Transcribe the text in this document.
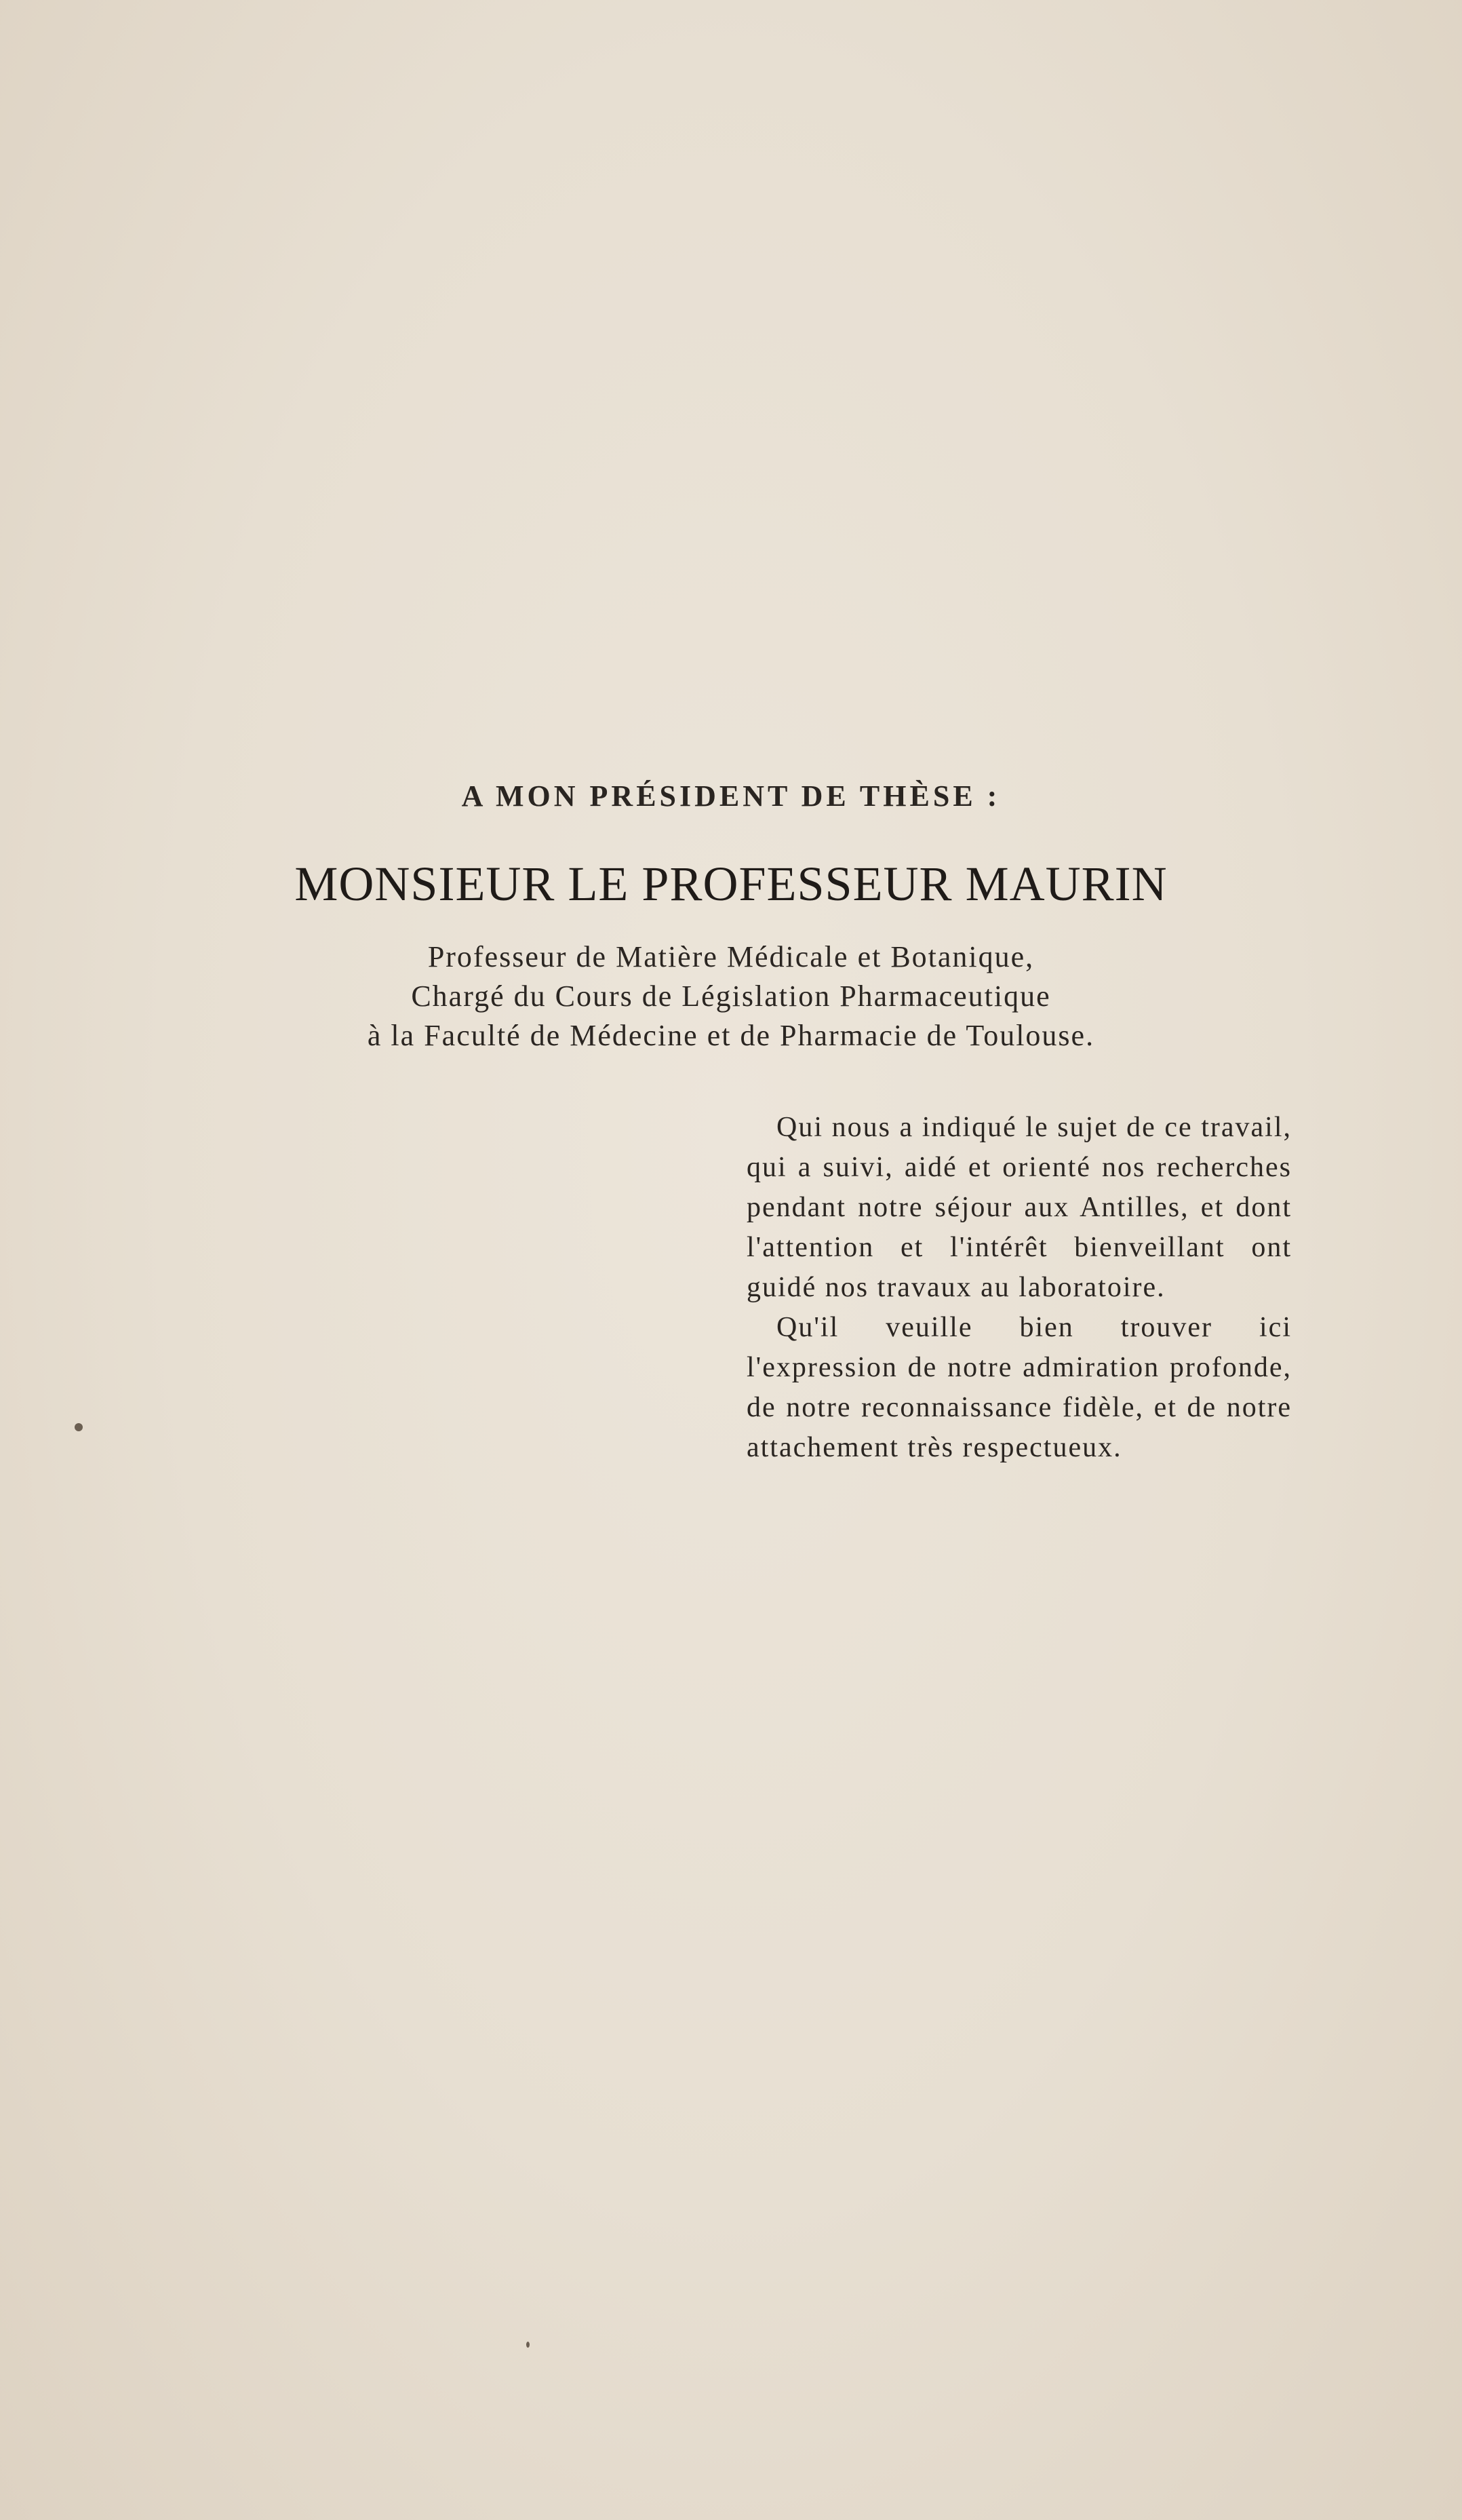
A MON PRÉSIDENT DE THÈSE :
MONSIEUR LE PROFESSEUR MAURIN
Professeur de Matière Médicale et Botanique,
Chargé du Cours de Législation Pharmaceutique
à la Faculté de Médecine et de Pharmacie de Toulouse.

Qui nous a indiqué le sujet de ce travail, qui a suivi, aidé et orienté nos recherches pendant notre séjour aux Antilles, et dont l'attention et l'intérêt bienveillant ont guidé nos travaux au laboratoire.

Qu'il veuille bien trouver ici l'expression de notre admiration profonde, de notre reconnaissance fidèle, et de notre attachement très respectueux.
